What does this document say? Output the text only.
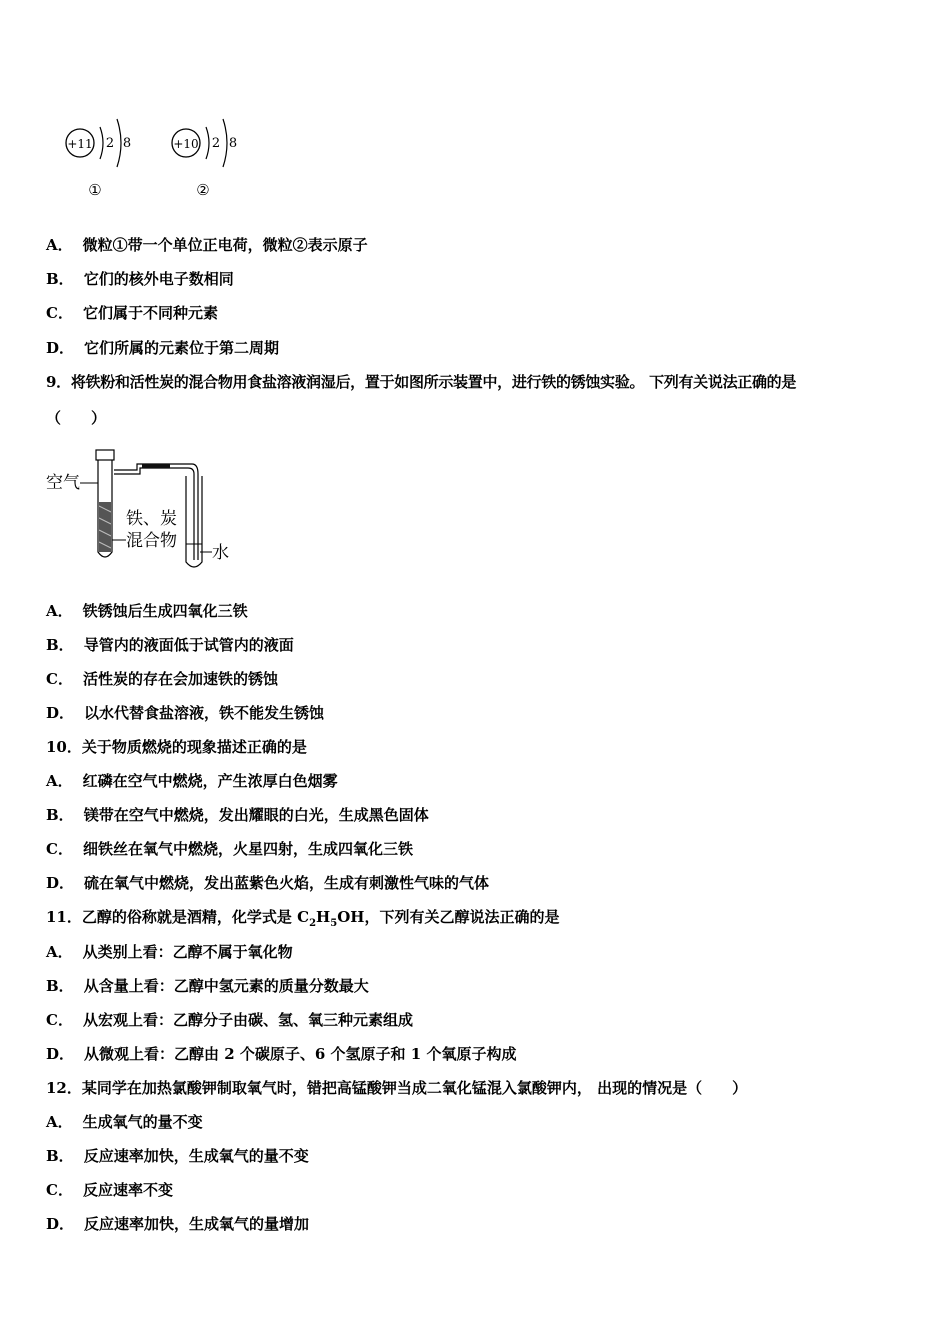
+11 2 8
①
+10 2 8
②
A． 微粒①带一个单位正电荷，微粒②表示原子
B． 它们的核外电子数相同
C． 它们属于不同种元素
D． 它们所属的元素位于第二周期
9．将铁粉和活性炭的混合物用食盐溶液润湿后，置于如图所示装置中，进行铁的锈蚀实验。 下列有关说法正确的是
（　　）
空气
铁、炭
混合物
水
A． 铁锈蚀后生成四氧化三铁
B． 导管内的液面低于试管内的液面
C． 活性炭的存在会加速铁的锈蚀
D． 以水代替食盐溶液，铁不能发生锈蚀
10．关于物质燃烧的现象描述正确的是
A． 红磷在空气中燃烧，产生浓厚白色烟雾
B． 镁带在空气中燃烧，发出耀眼的白光，生成黑色固体
C． 细铁丝在氧气中燃烧，火星四射，生成四氧化三铁
D． 硫在氧气中燃烧，发出蓝紫色火焰，生成有刺激性气味的气体
11．乙醇的俗称就是酒精，化学式是 $C_2H_5OH$，下列有关乙醇说法正确的是
A． 从类别上看：乙醇不属于氧化物
B． 从含量上看：乙醇中氢元素的质量分数最大
C． 从宏观上看：乙醇分子由碳、氢、氧三种元素组成
D． 从微观上看：乙醇由 2 个碳原子、6 个氢原子和 1 个氧原子构成
12．某同学在加热氯酸钾制取氧气时，错把高锰酸钾当成二氧化锰混入氯酸钾内， 出现的情况是（　　）
A． 生成氧气的量不变
B． 反应速率加快，生成氧气的量不变
C． 反应速率不变
D． 反应速率加快，生成氧气的量增加
